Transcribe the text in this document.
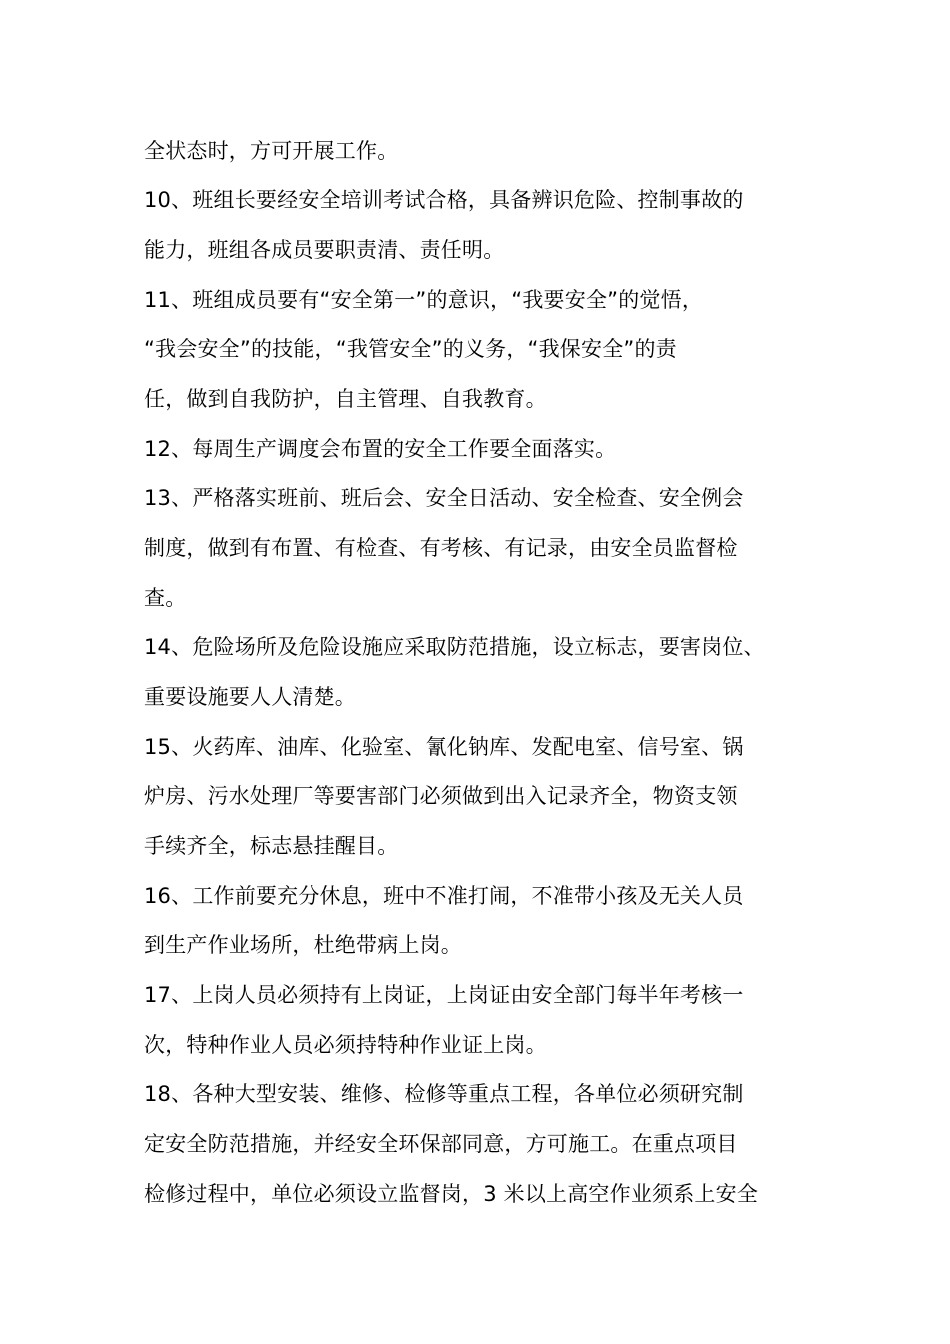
全状态时，方可开展工作。
10、班组长要经安全培训考试合格，具备辨识危险、控制事故的
能力，班组各成员要职责清、责任明。
11、班组成员要有“安全第一”的意识，“我要安全”的觉悟，
“我会安全”的技能，“我管安全”的义务，“我保安全”的责
任，做到自我防护，自主管理、自我教育。
12、每周生产调度会布置的安全工作要全面落实。
13、严格落实班前、班后会、安全日活动、安全检查、安全例会
制度，做到有布置、有检查、有考核、有记录，由安全员监督检
查。
14、危险场所及危险设施应采取防范措施，设立标志，要害岗位、
重要设施要人人清楚。
15、火药库、油库、化验室、氰化钠库、发配电室、信号室、锅
炉房、污水处理厂等要害部门必须做到出入记录齐全，物资支领
手续齐全，标志悬挂醒目。
16、工作前要充分休息，班中不准打闹，不准带小孩及无关人员
到生产作业场所，杜绝带病上岗。
17、上岗人员必须持有上岗证，上岗证由安全部门每半年考核一
次，特种作业人员必须持特种作业证上岗。
18、各种大型安装、维修、检修等重点工程，各单位必须研究制
定安全防范措施，并经安全环保部同意，方可施工。在重点项目
检修过程中，单位必须设立监督岗，3 米以上高空作业须系上安全
